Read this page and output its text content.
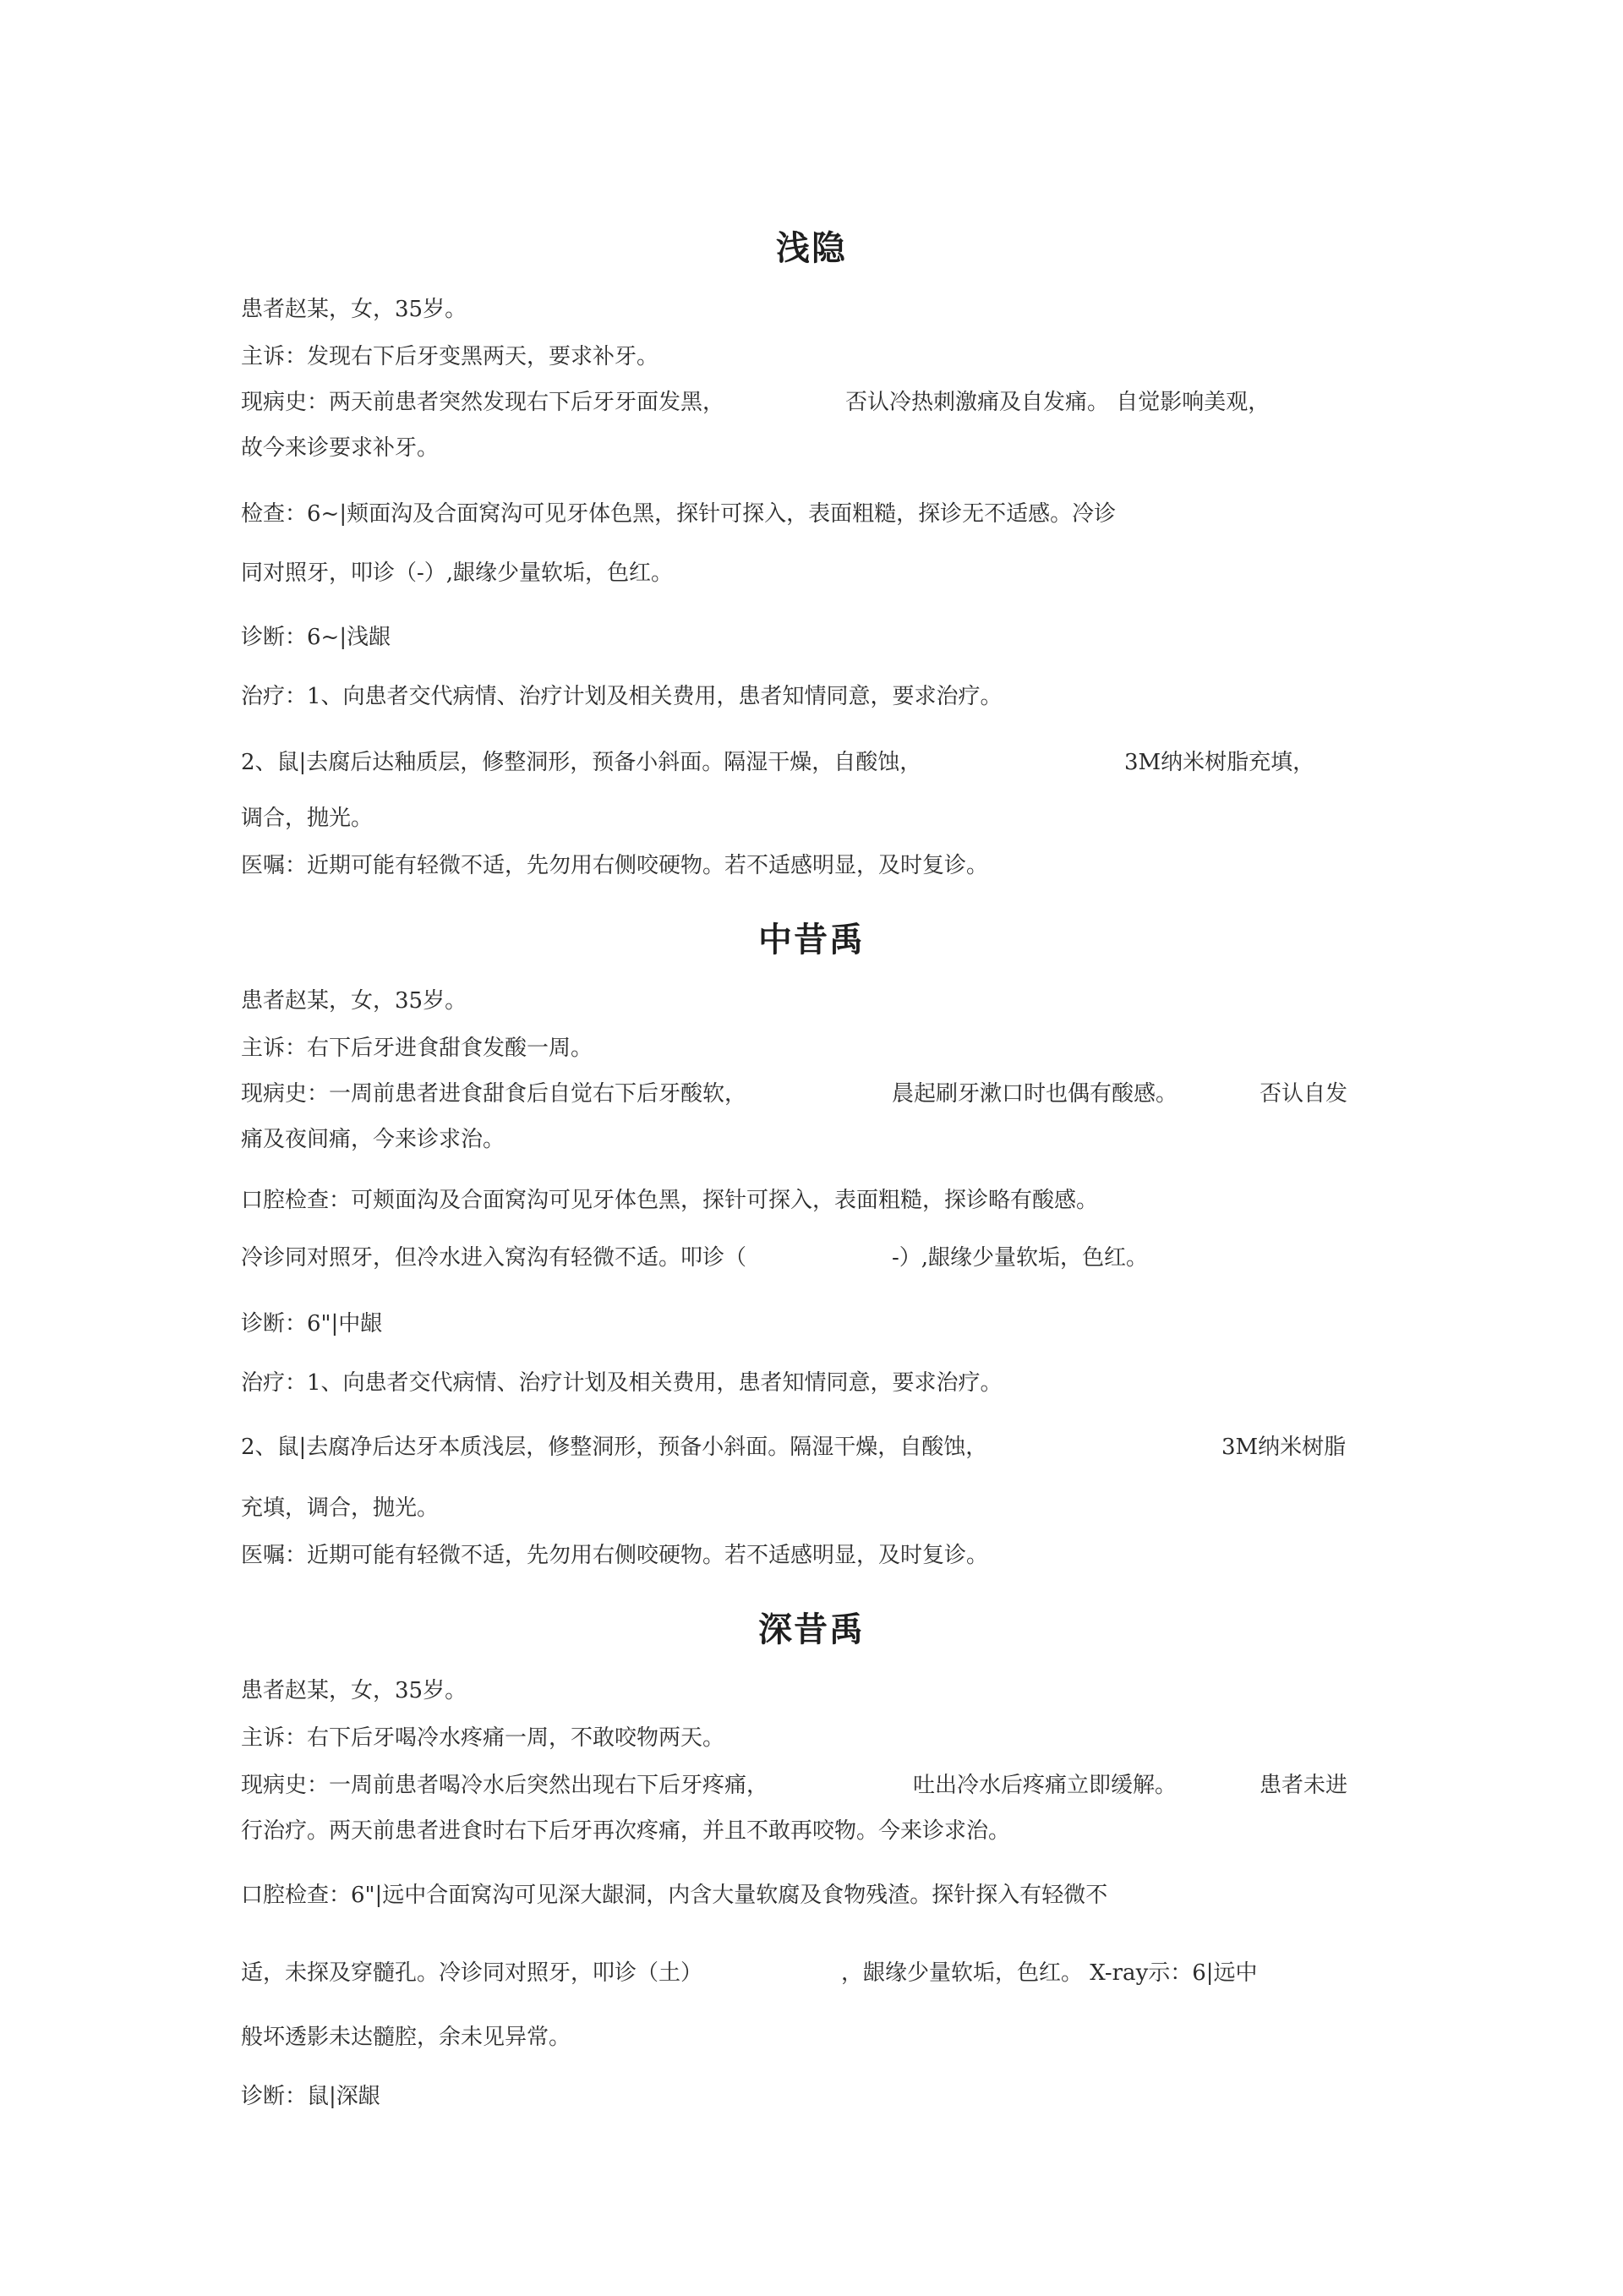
浅隐

患者赵某，女，35岁。

主诉：发现右下后牙变黑两天，要求补牙。

现病史：两天前患者突然发现右下后牙牙面发黑，	否认冷热刺激痛及自发痛。 自觉影响美观，

故今来诊要求补牙。

检查：6~|颊面沟及合面窝沟可见牙体色黑，探针可探入，表面粗糙，探诊无不适感。冷诊

同对照牙，叩诊（-）,龈缘少量软垢，色红。

诊断：6~|浅龈

治疗：1、向患者交代病情、治疗计划及相关费用，患者知情同意，要求治疗。

2、鼠|去腐后达釉质层，修整洞形，预备小斜面。隔湿干燥，自酸蚀，	3M纳米树脂充填，

调合，抛光。

医嘱：近期可能有轻微不适，先勿用右侧咬硬物。若不适感明显，及时复诊。

中昔禹

患者赵某，女，35岁。

主诉：右下后牙进食甜食发酸一周。

现病史：一周前患者进食甜食后自觉右下后牙酸软，	晨起刷牙漱口时也偶有酸感。	否认自发

痛及夜间痛，今来诊求治。

口腔检查：可颊面沟及合面窝沟可见牙体色黑，探针可探入，表面粗糙，探诊略有酸感。

冷诊同对照牙，但冷水进入窝沟有轻微不适。叩诊（	-）,龈缘少量软垢，色红。

诊断：6"|中龈

治疗：1、向患者交代病情、治疗计划及相关费用，患者知情同意，要求治疗。

2、鼠|去腐净后达牙本质浅层，修整洞形，预备小斜面。隔湿干燥，自酸蚀，	3M纳米树脂

充填，调合，抛光。

医嘱：近期可能有轻微不适，先勿用右侧咬硬物。若不适感明显，及时复诊。

深昔禹

患者赵某，女，35岁。

主诉：右下后牙喝冷水疼痛一周，不敢咬物两天。

现病史：一周前患者喝冷水后突然出现右下后牙疼痛，	吐出冷水后疼痛立即缓解。	患者未进

行治疗。两天前患者进食时右下后牙再次疼痛，并且不敢再咬物。今来诊求治。

口腔检查：6"|远中合面窝沟可见深大龈洞，内含大量软腐及食物残渣。探针探入有轻微不

适，未探及穿髓孔。冷诊同对照牙，叩诊（土）	，龈缘少量软垢，色红。 X-ray示：6|远中

般坏透影未达髓腔，余未见异常。

诊断：鼠|深龈
